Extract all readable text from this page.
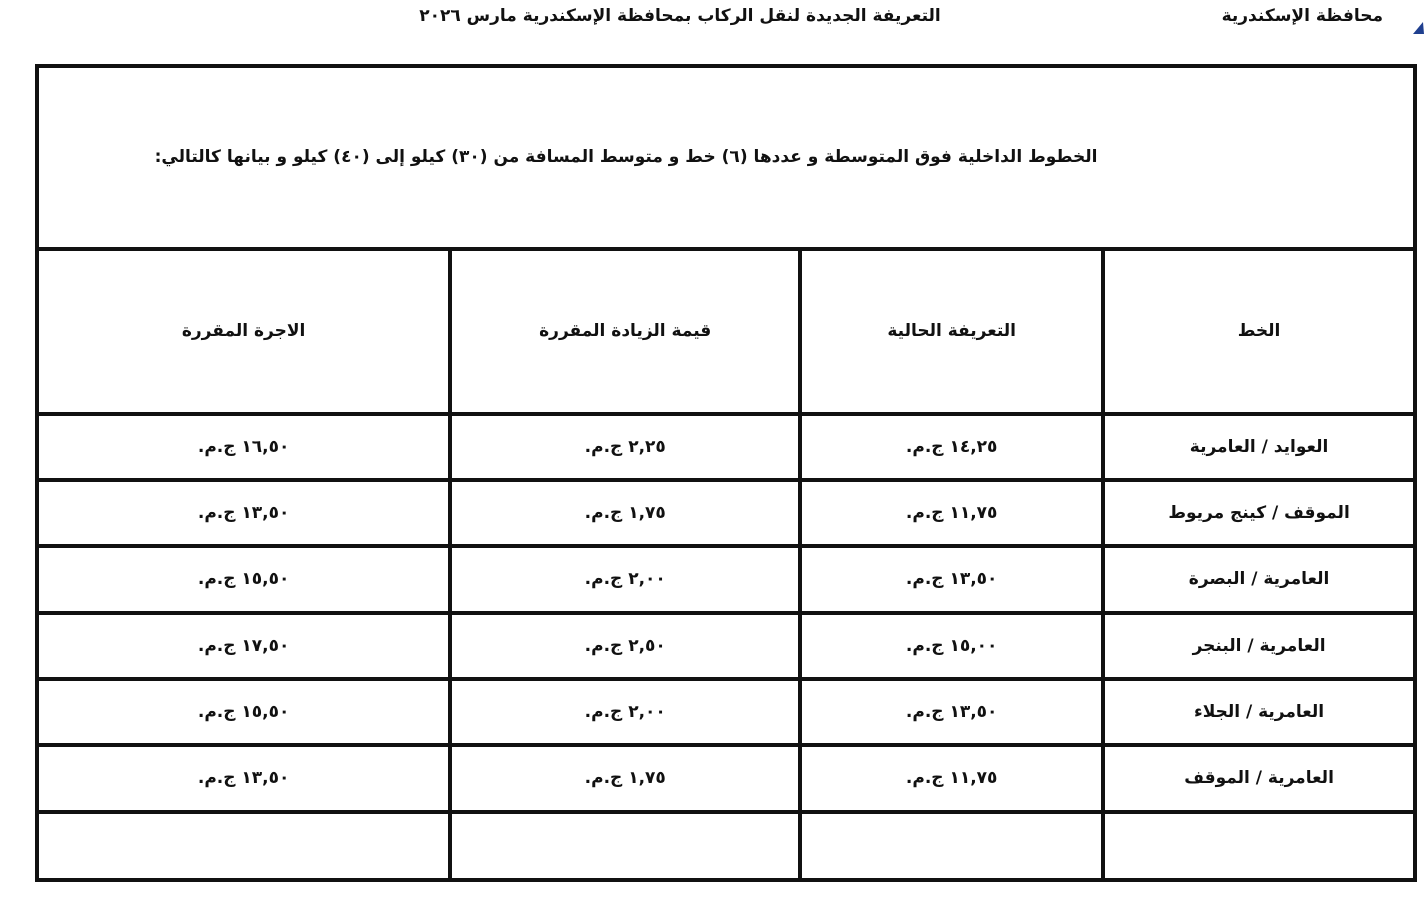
التعريفة الجديدة لنقل الركاب بمحافظة الإسكندرية مارس ٢٠٢٦	محافظة الإسكندرية
الخطوط الداخلية فوق المتوسطة و عددها (٦) خط و متوسط المسافة من (٣٠) كيلو إلى (٤٠) كيلو و بيانها كالتالي:			
الخط	التعريفة الحالية	قيمة الزيادة المقررة	الاجرة المقررة
العوايد / العامرية	١٤,٢٥ ج.م.	٢,٢٥ ج.م.	١٦,٥٠ ج.م.
الموقف / كينج مريوط	١١,٧٥ ج.م.	١,٧٥ ج.م.	١٣,٥٠ ج.م.
العامرية / البصرة	١٣,٥٠ ج.م.	٢,٠٠ ج.م.	١٥,٥٠ ج.م.
العامرية / البنجر	١٥,٠٠ ج.م.	٢,٥٠ ج.م.	١٧,٥٠ ج.م.
العامرية / الجلاء	١٣,٥٠ ج.م.	٢,٠٠ ج.م.	١٥,٥٠ ج.م.
العامرية / الموقف	١١,٧٥ ج.م.	١,٧٥ ج.م.	١٣,٥٠ ج.م.
